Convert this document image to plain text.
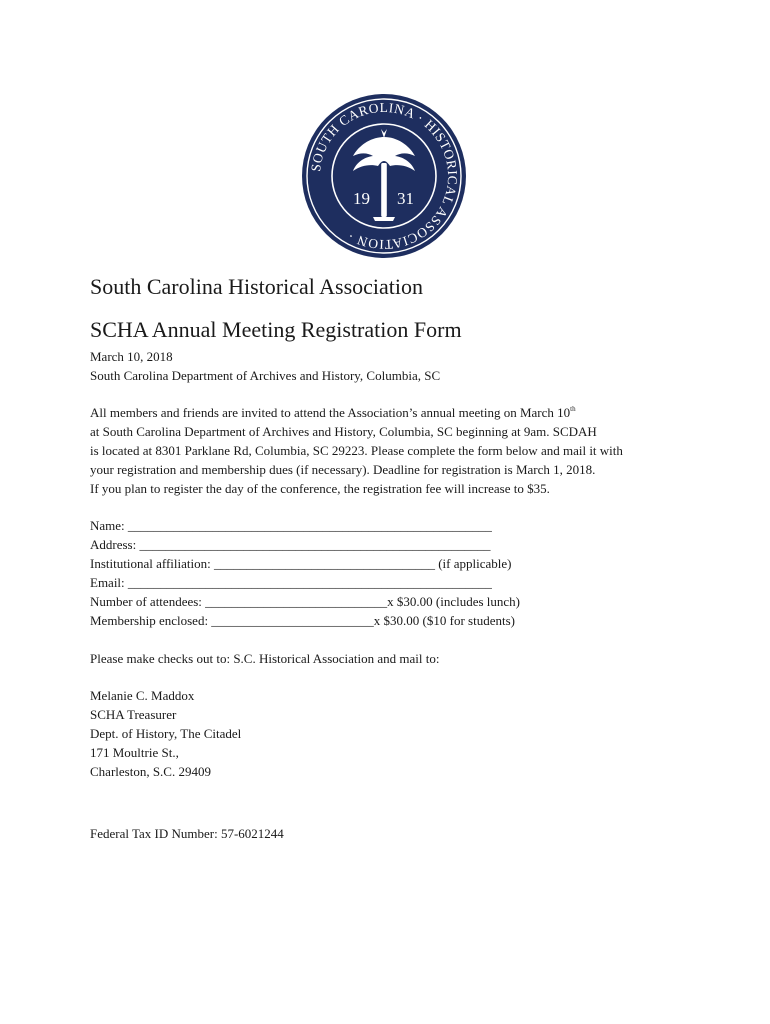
SOUTH CAROLINA · HISTORICAL ASSOCIATION ·
19 31
South Carolina Historical Association
SCHA Annual Meeting Registration Form
March 10, 2018
South Carolina Department of Archives and History, Columbia, SC
All members and friends are invited to attend the Association’s annual meeting on March 10th
at South Carolina Department of Archives and History, Columbia, SC beginning at 9am. SCDAH
is located at 8301 Parklane Rd, Columbia, SC 29223. Please complete the form below and mail it with
your registration and membership dues (if necessary). Deadline for registration is March 1, 2018.
If you plan to register the day of the conference, the registration fee will increase to $35.
Name: ________________________________________________________
Address: ______________________________________________________
Institutional affiliation: __________________________________ (if applicable)
Email: ________________________________________________________
Number of attendees: ____________________________x $30.00 (includes lunch)
Membership enclosed: _________________________x $30.00 ($10 for students)
Please make checks out to: S.C. Historical Association and mail to:
Melanie C. Maddox
SCHA Treasurer
Dept. of History, The Citadel
171 Moultrie St.,
Charleston, S.C. 29409
Federal Tax ID Number: 57-6021244
